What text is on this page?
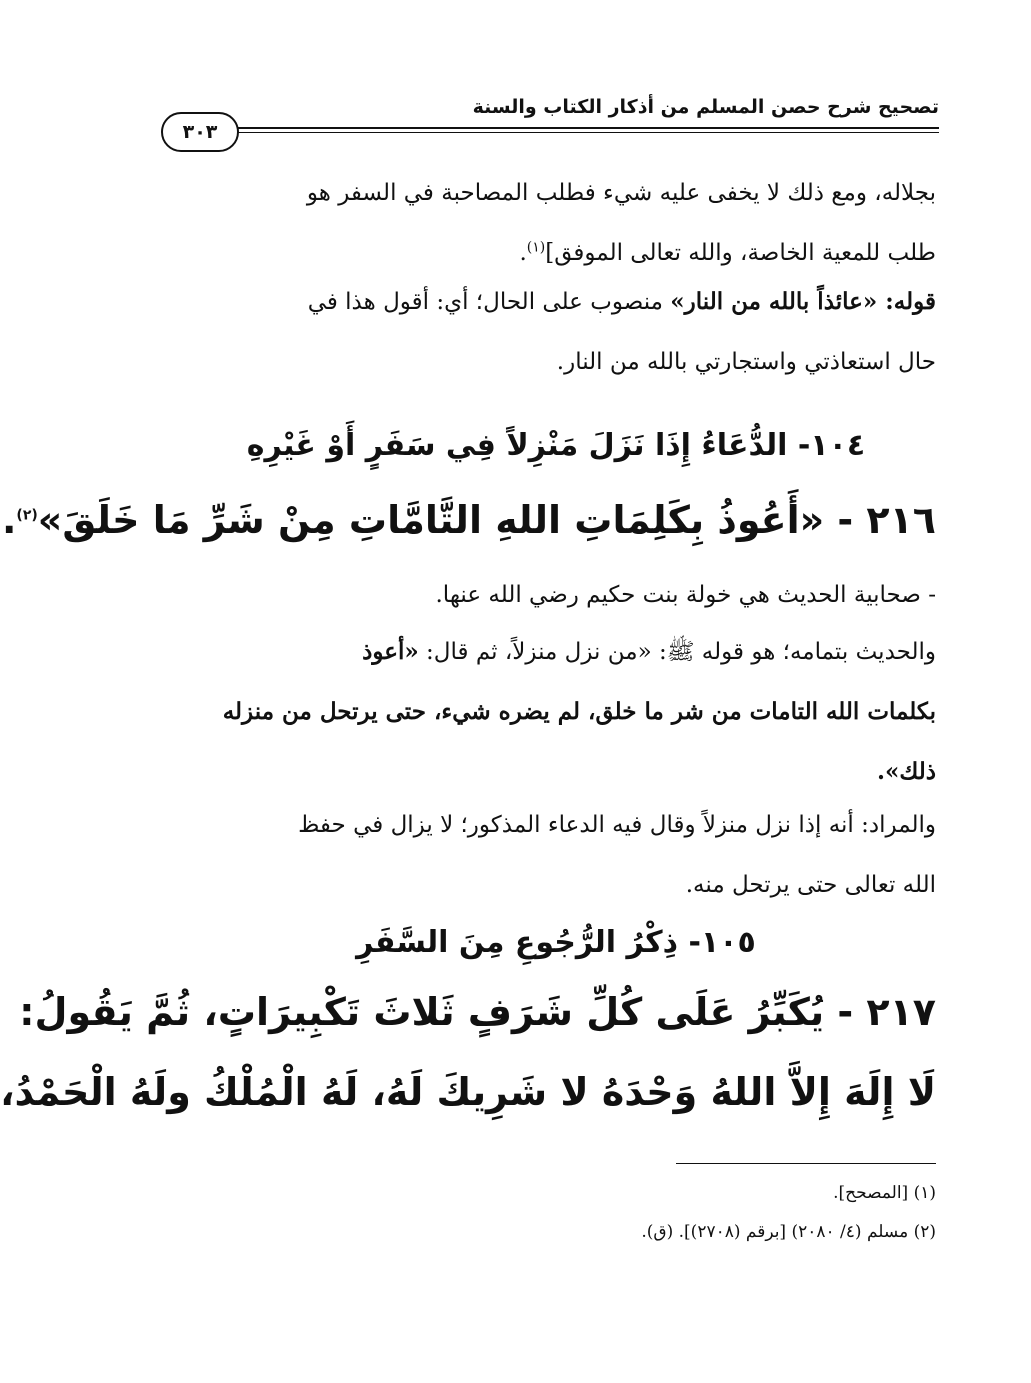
تصحيح شرح حصن المسلم من أذكار الكتاب والسنة
٣٠٣
بجلاله، ومع ذلك لا يخفى عليه شيء فطلب المصاحبة في السفر هو
طلب للمعية الخاصة، والله تعالى الموفق]$^{(١)}$.
قوله: «عائذاً بالله من النار» منصوب على الحال؛ أي: أقول هذا في
حال استعاذتي واستجارتي بالله من النار.
١٠٤- الدُّعَاءُ إِذَا نَزَلَ مَنْزِلاً فِي سَفَرٍ أَوْ غَيْرِهِ
٢١٦ - «أَعُوذُ بِكَلِمَاتِ اللهِ التَّامَّاتِ مِنْ شَرِّ مَا خَلَقَ»$^{(٢)}$.
- صحابية الحديث هي خولة بنت حكيم رضي الله عنها.
والحديث بتمامه؛ هو قوله ﷺ: «من نزل منزلاً، ثم قال: «أعوذ
بكلمات الله التامات من شر ما خلق، لم يضره شيء، حتى يرتحل من منزله
ذلك».
والمراد: أنه إذا نزل منزلاً وقال فيه الدعاء المذكور؛ لا يزال في حفظ
الله تعالى حتى يرتحل منه.
١٠٥- ذِكْرُ الرُّجُوعِ مِنَ السَّفَرِ
٢١٧ - يُكَبِّرُ عَلَى كُلِّ شَرَفٍ ثَلاثَ تَكْبِيرَاتٍ، ثُمَّ يَقُولُ:
لَا إِلَهَ إِلاَّ اللهُ وَحْدَهُ لا شَرِيكَ لَهُ، لَهُ الْمُلْكُ ولَهُ الْحَمْدُ،
(١) [المصحح].
(٢) مسلم (٤/ ٢٠٨٠) [برقم (٢٧٠٨)]. (ق).
